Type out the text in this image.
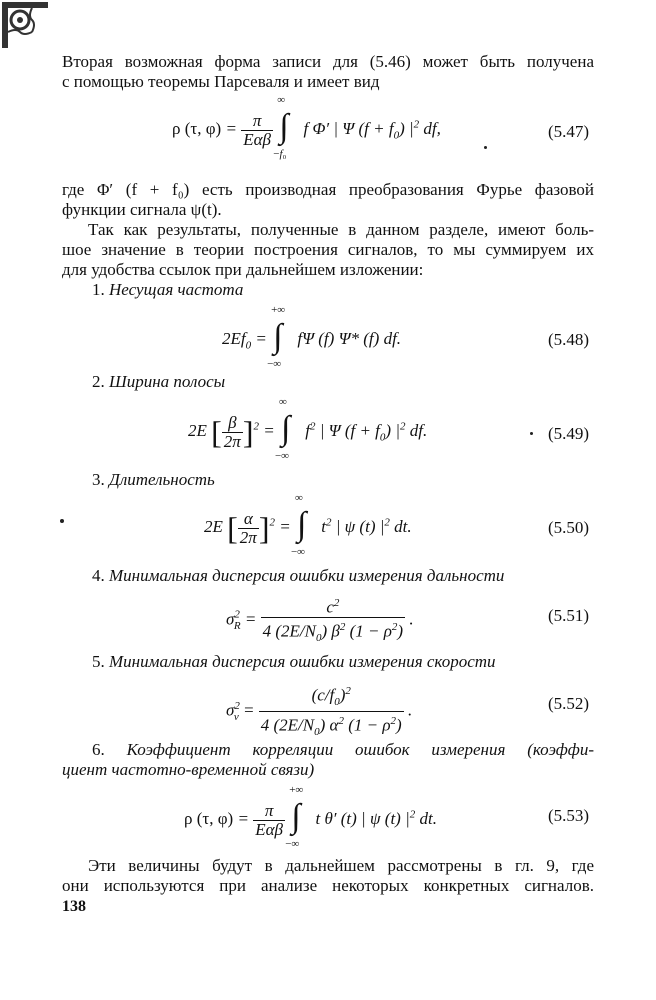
Вторая возможная форма записи для (5.46) может быть получена
с помощью теоремы Парсеваля и имеет вид
ρ (τ, $\varphi) = \frac{\pi}{\text{Eαβ}}$

∞
∫
−f₀
f Φ′ | Ψ $(f + f_0)$ $|^2$ df,	(5.47)
где Φ′ (f + f₀) есть производная преобразования Фурье фазовой
функции сигнала ψ(t).
Так как результаты, полученные в данном разделе, имеют боль-
шое значение в теории построения сигналов, то мы суммируем их
для удобства ссылок при дальнейшем изложении:
1. Несущая частота
$2Ef_0$ =
+∞
∫
−∞
fΨ (f) Ψ* (f) df.	(5.48)
2. Ширина полосы
2E [ $\frac{\beta}{2\pi} ]^2$ =
∞
∫
−∞
$f^2$ | Ψ $(f + f_0)$ $|^2$ df.	(5.49)
3. Длительность
2E [ $\frac{\alpha}{2\pi} ]^2$ =
∞
∫
−∞
$t^2$ | ψ (t) $|^2$ dt.	(5.50)
4. Минимальная дисперсия ошибки измерения дальности
$\sigma^2_R = \frac{c^2}{4 (2E/N_0) \beta^2 (1 - \rho^2)}$ .	(5.51)
5. Минимальная дисперсия ошибки измерения скорости
$\sigma^2_v = \frac{(c/f_0)^2}{4 (2E/N_0) \alpha^2 (1 - \rho^2)}$ .	(5.52)
6. Коэффициент корреляции ошибок измерения (коэффи-
циент частотно-временной связи)
ρ (τ, $\varphi) = \frac{\pi}{\text{Eαβ}}$

+∞
∫
−∞
t θ′ (t) | ψ (t) $|^2$ dt.	(5.53)
Эти величины будут в дальнейшем рассмотрены в гл. 9, где
они используются при анализе некоторых конкретных сигналов.
138
